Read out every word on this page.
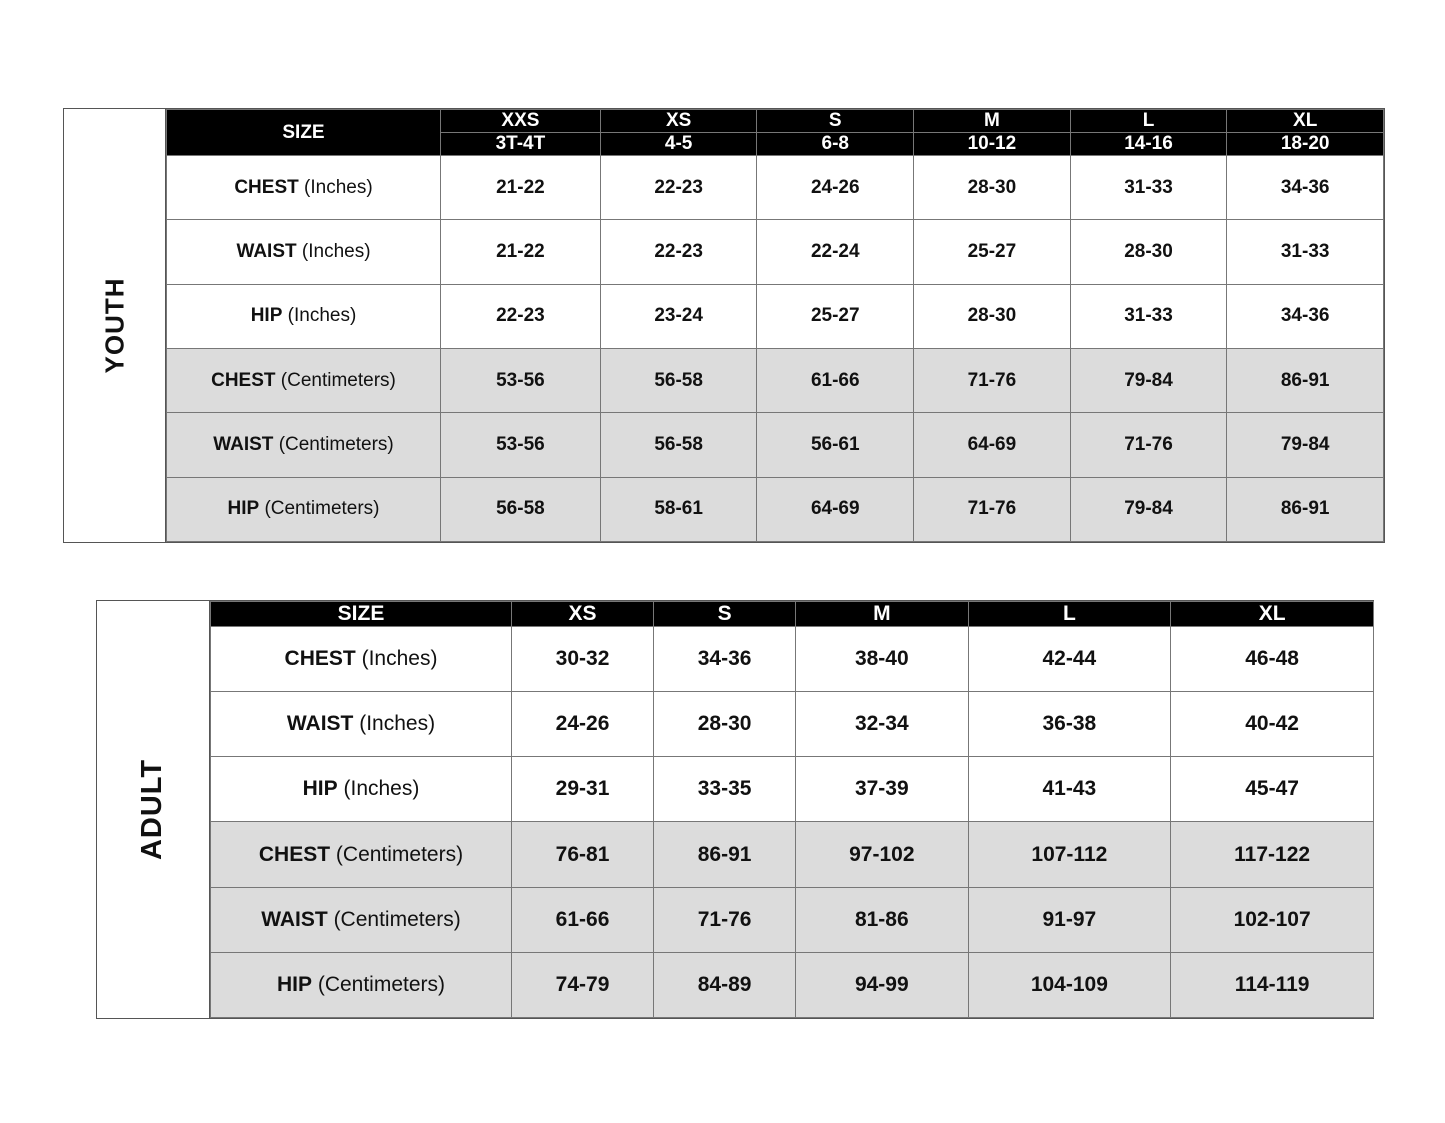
YOUTH
SIZE	XXS	XS	S	M	L	XL
	3T-4T	4-5	6-8	10-12	14-16	18-20
CHEST (Inches)	21-22	22-23	24-26	28-30	31-33	34-36
WAIST (Inches)	21-22	22-23	22-24	25-27	28-30	31-33
HIP (Inches)	22-23	23-24	25-27	28-30	31-33	34-36
CHEST (Centimeters)	53-56	56-58	61-66	71-76	79-84	86-91
WAIST (Centimeters)	53-56	56-58	56-61	64-69	71-76	79-84
HIP (Centimeters)	56-58	58-61	64-69	71-76	79-84	86-91
ADULT
SIZE	XS	S	M	L	XL
CHEST (Inches)	30-32	34-36	38-40	42-44	46-48
WAIST (Inches)	24-26	28-30	32-34	36-38	40-42
HIP (Inches)	29-31	33-35	37-39	41-43	45-47
CHEST (Centimeters)	76-81	86-91	97-102	107-112	117-122
WAIST (Centimeters)	61-66	71-76	81-86	91-97	102-107
HIP (Centimeters)	74-79	84-89	94-99	104-109	114-119
